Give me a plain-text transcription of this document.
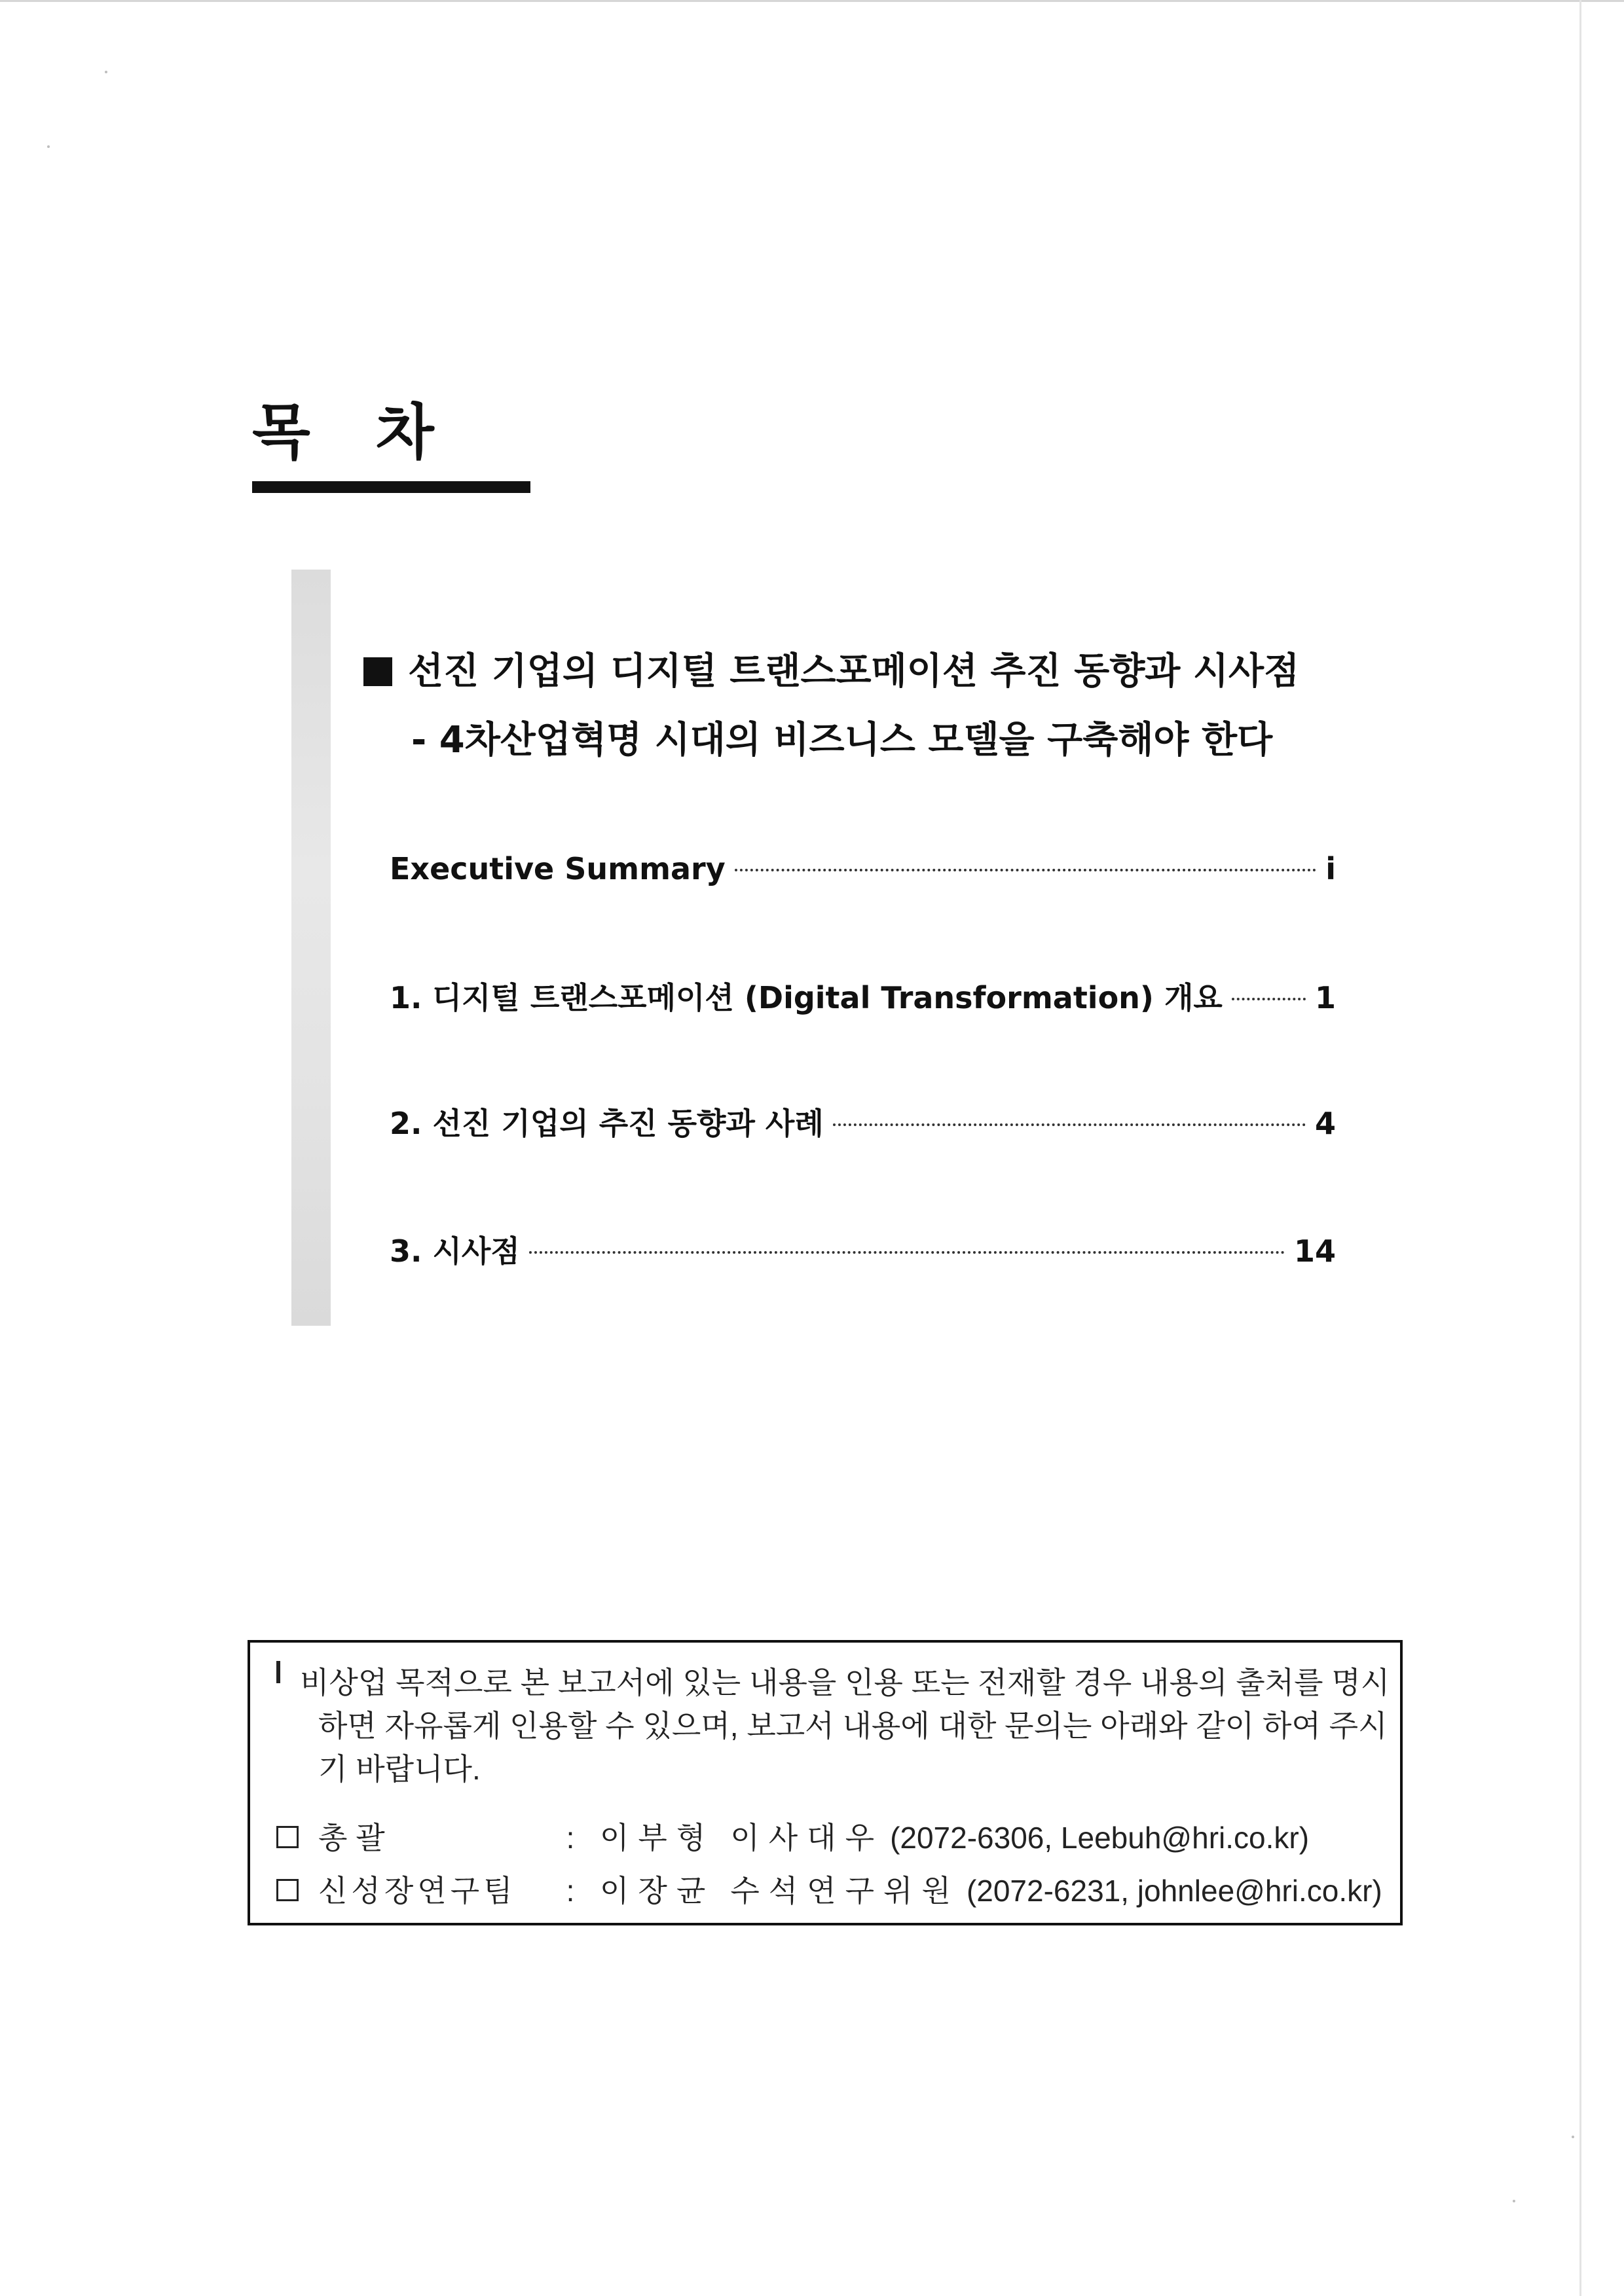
목 차
선진 기업의 디지털 트랜스포메이션 추진 동향과 시사점
- 4차산업혁명 시대의 비즈니스 모델을 구축해야 한다
Executive Summary	i
1. 디지털 트랜스포메이션 (Digital Transformation) 개요	1
2. 선진 기업의 추진 동향과 사례	4
3. 시사점	14
비상업 목적으로 본 보고서에 있는 내용을 인용 또는 전재할 경우 내용의 출처를 명시
하면 자유롭게 인용할 수 있으며, 보고서 내용에 대한 문의는 아래와 같이 하여 주시
기 바랍니다.
총 괄	: 이부형 이사대우 (2072-6306, Leebuh@hri.co.kr)
신성장연구팀	: 이장균 수석연구위원 (2072-6231, johnlee@hri.co.kr)
